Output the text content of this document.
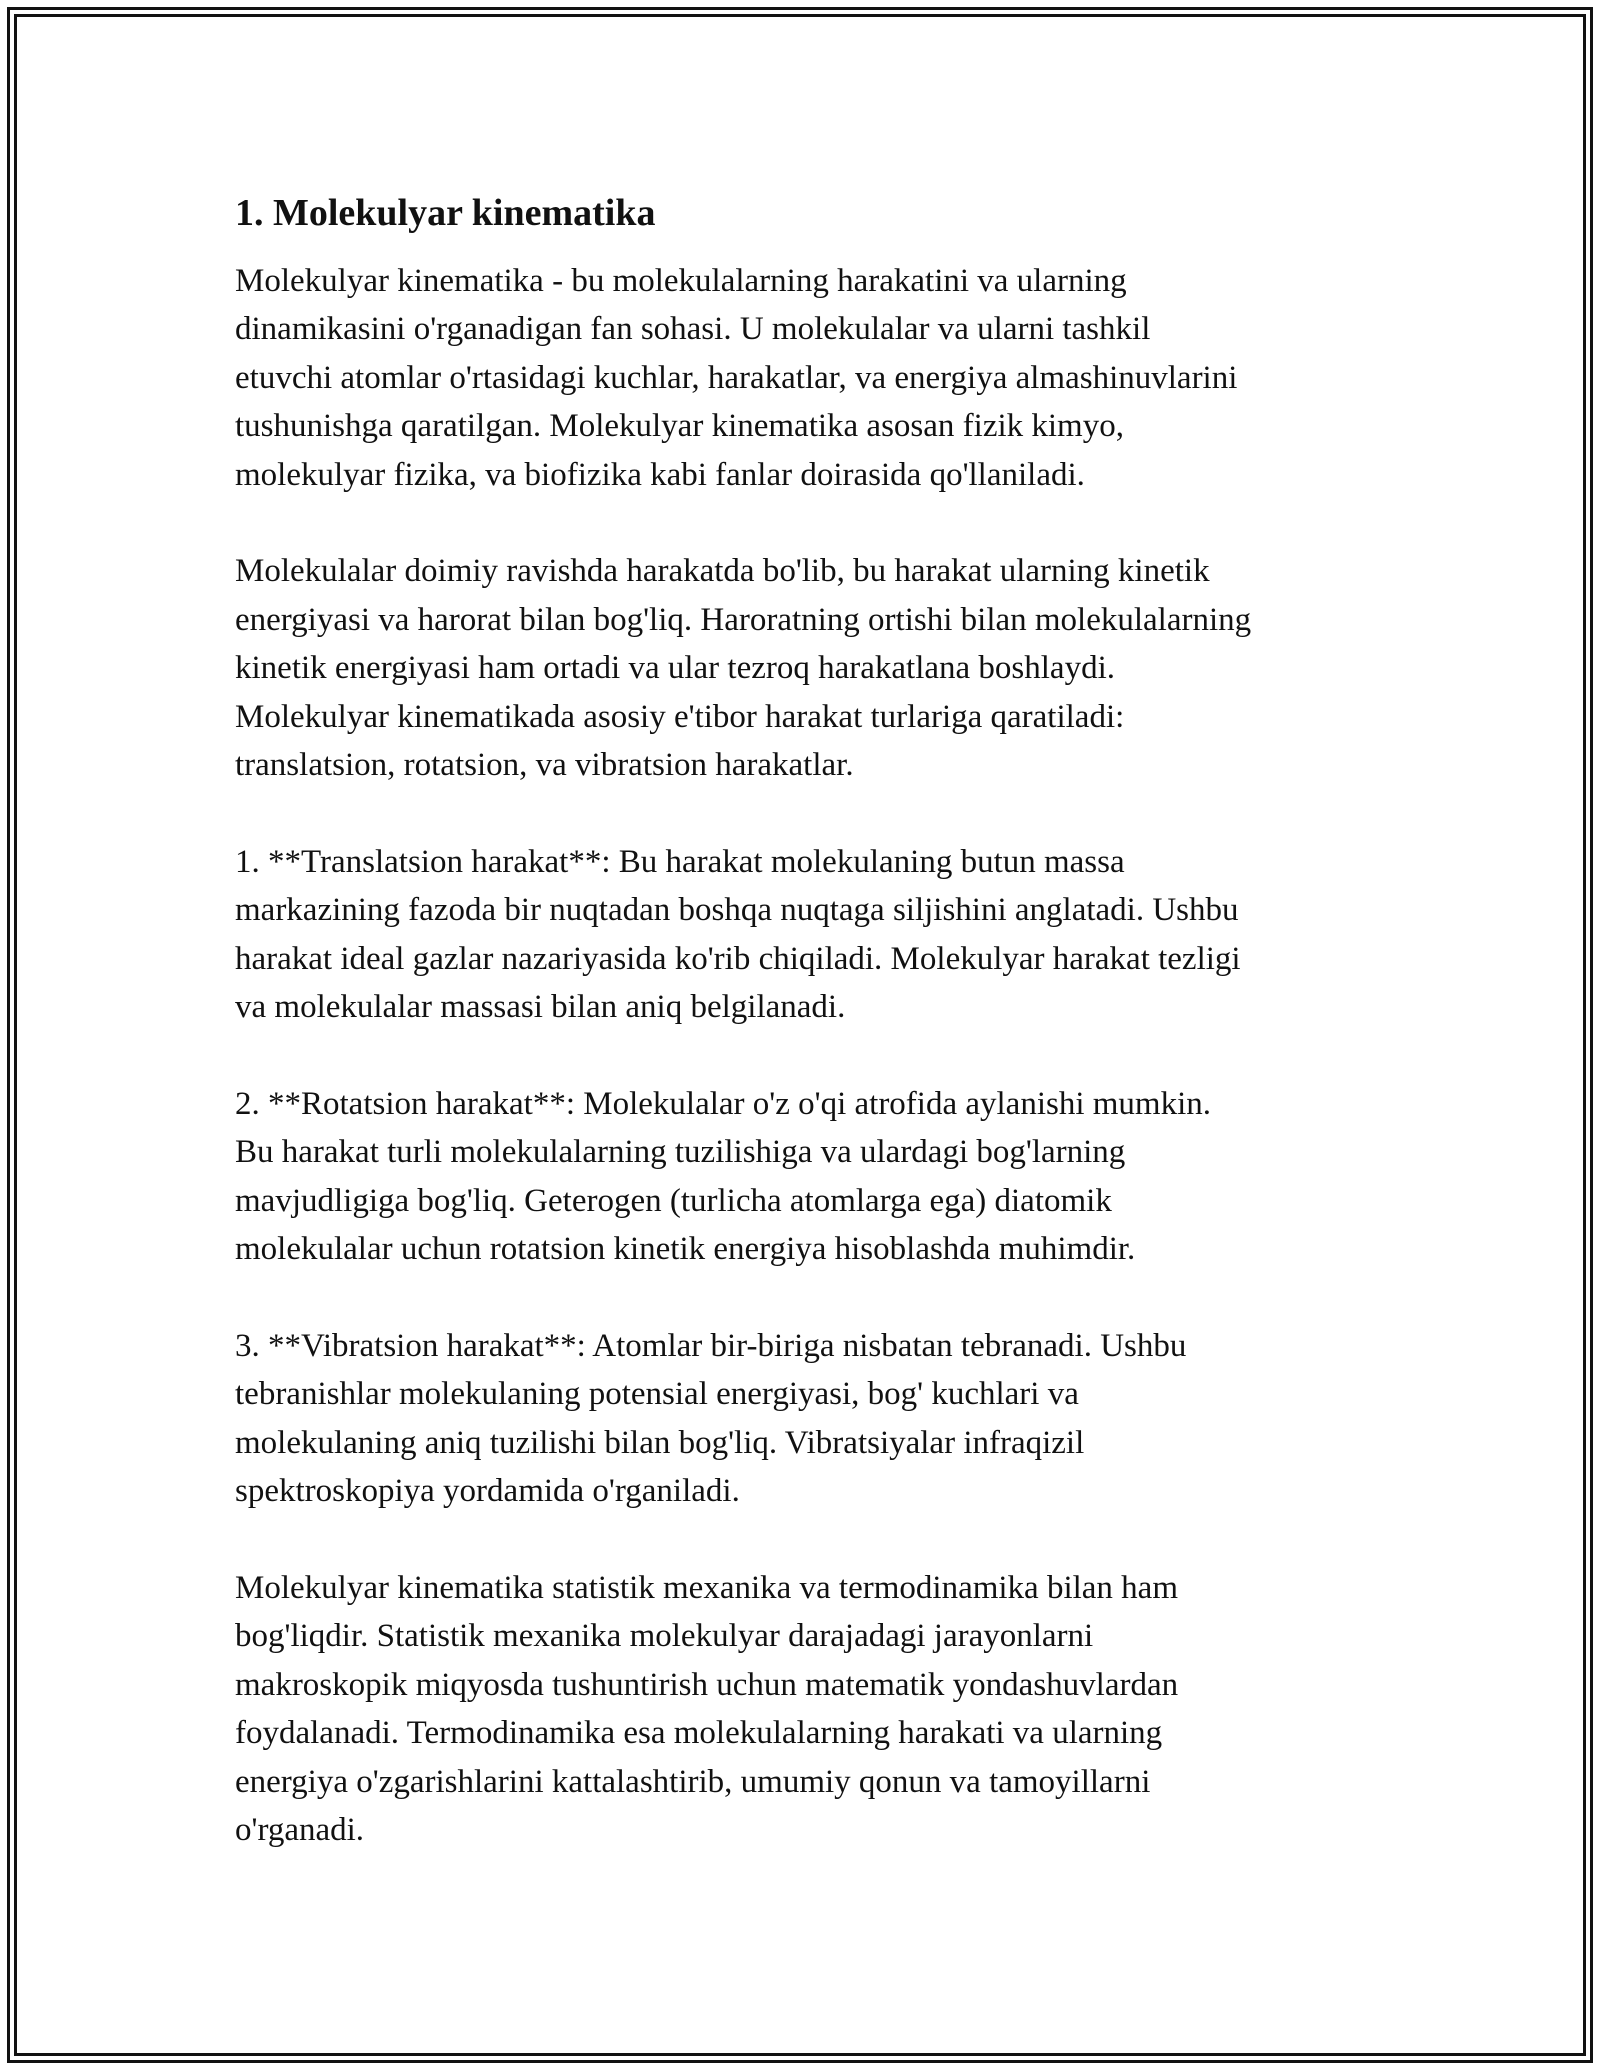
1. Molekulyar kinematika
Molekulyar kinematika - bu molekulalarning harakatini va ularning
dinamikasini o'rganadigan fan sohasi. U molekulalar va ularni tashkil
etuvchi atomlar o'rtasidagi kuchlar, harakatlar, va energiya almashinuvlarini
tushunishga qaratilgan. Molekulyar kinematika asosan fizik kimyo,
molekulyar fizika, va biofizika kabi fanlar doirasida qo'llaniladi.
Molekulalar doimiy ravishda harakatda bo'lib, bu harakat ularning kinetik
energiyasi va harorat bilan bog'liq. Haroratning ortishi bilan molekulalarning
kinetik energiyasi ham ortadi va ular tezroq harakatlana boshlaydi.
Molekulyar kinematikada asosiy e'tibor harakat turlariga qaratiladi:
translatsion, rotatsion, va vibratsion harakatlar.
1. **Translatsion harakat**: Bu harakat molekulaning butun massa
markazining fazoda bir nuqtadan boshqa nuqtaga siljishini anglatadi. Ushbu
harakat ideal gazlar nazariyasida ko'rib chiqiladi. Molekulyar harakat tezligi
va molekulalar massasi bilan aniq belgilanadi.
2. **Rotatsion harakat**: Molekulalar o'z o'qi atrofida aylanishi mumkin.
Bu harakat turli molekulalarning tuzilishiga va ulardagi bog'larning
mavjudligiga bog'liq. Geterogen (turlicha atomlarga ega) diatomik
molekulalar uchun rotatsion kinetik energiya hisoblashda muhimdir.
3. **Vibratsion harakat**: Atomlar bir-biriga nisbatan tebranadi. Ushbu
tebranishlar molekulaning potensial energiyasi, bog' kuchlari va
molekulaning aniq tuzilishi bilan bog'liq. Vibratsiyalar infraqizil
spektroskopiya yordamida o'rganiladi.
Molekulyar kinematika statistik mexanika va termodinamika bilan ham
bog'liqdir. Statistik mexanika molekulyar darajadagi jarayonlarni
makroskopik miqyosda tushuntirish uchun matematik yondashuvlardan
foydalanadi. Termodinamika esa molekulalarning harakati va ularning
energiya o'zgarishlarini kattalashtirib, umumiy qonun va tamoyillarni
o'rganadi.
